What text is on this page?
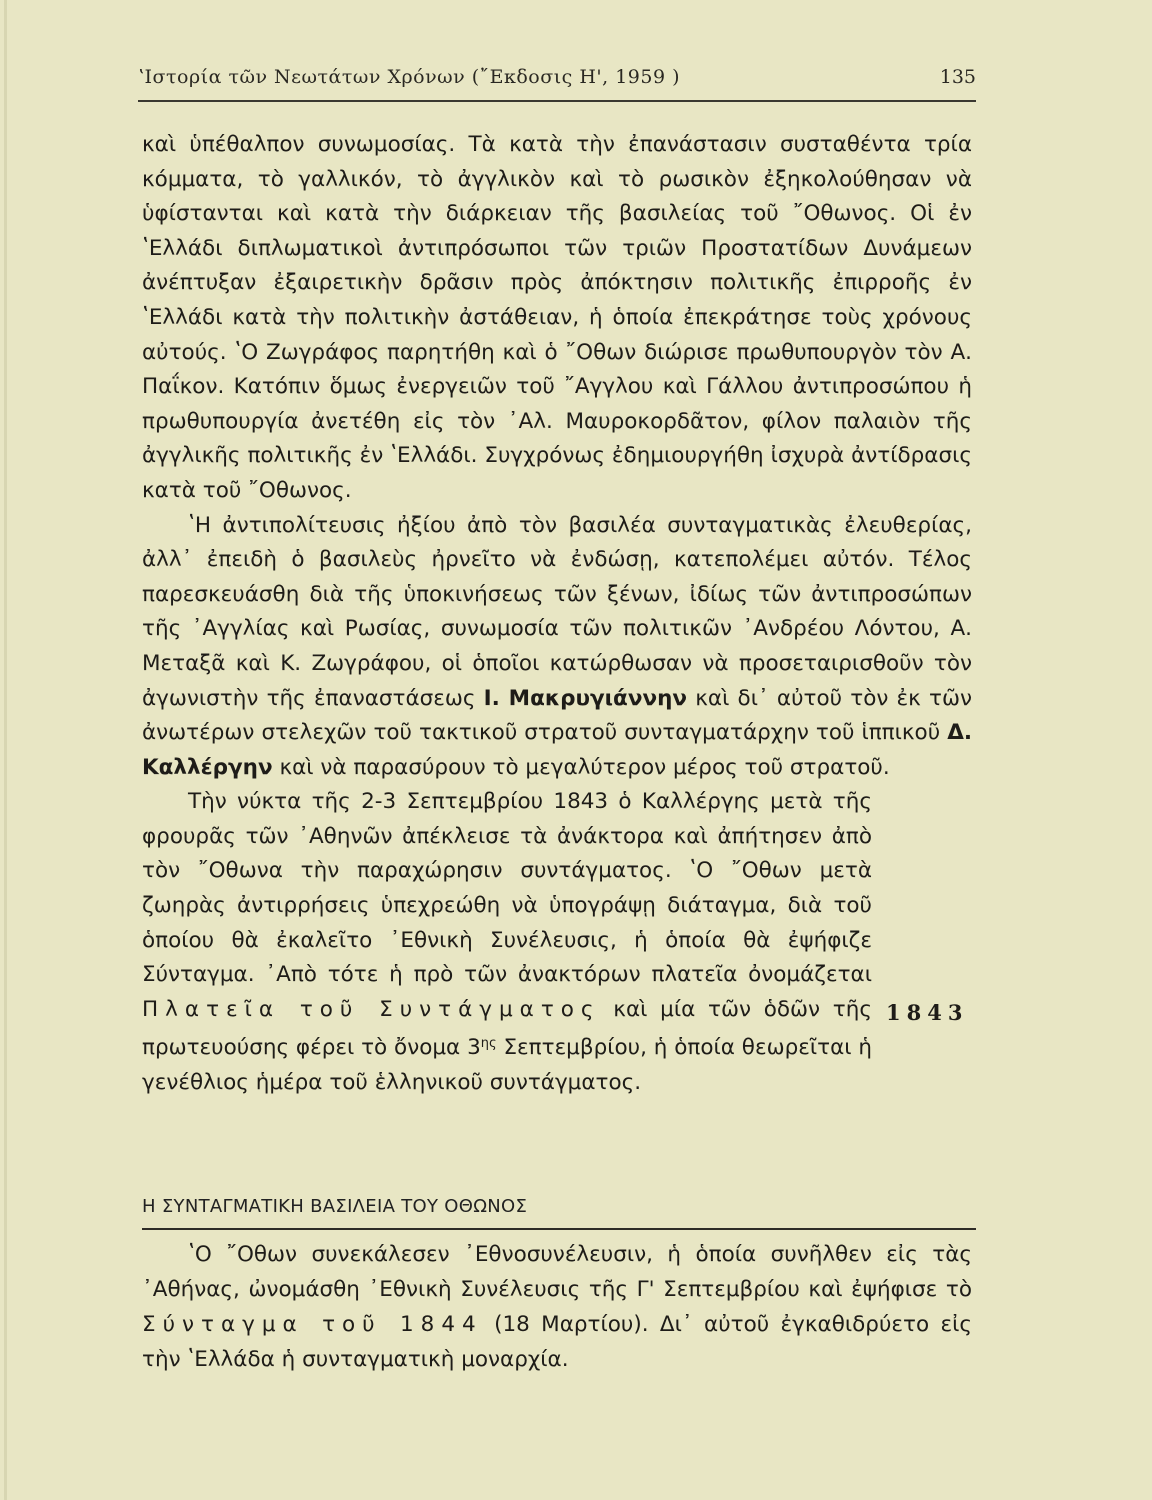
ʽΙστορία τῶν Νεωτάτων Χρόνων (῎Εκδοσις Η', 1959 )	135

καὶ ὑπέθαλπον συνωμοσίας. Τὰ κατὰ τὴν ἐπανάστασιν συσταθέντα τρία κόμματα, τὸ γαλλικόν, τὸ ἀγγλικὸν καὶ τὸ ρωσικὸν ἐξηκολούθησαν νὰ ὑφίστανται καὶ κατὰ τὴν διάρκειαν τῆς βασιλείας τοῦ ῎Οθωνος. Οἱ ἐν ʽΕλλάδι διπλωματικοὶ ἀντιπρόσωποι τῶν τριῶν Προστατίδων Δυνάμεων ἀνέπτυξαν ἐξαιρετικὴν δρᾶσιν πρὸς ἀπόκτησιν πολιτικῆς ἐπιρροῆς ἐν ʽΕλλάδι κατὰ τὴν πολιτικὴν ἀστάθειαν, ἡ ὁποία ἐπεκράτησε τοὺς χρόνους αὐτούς. ʽΟ Ζωγράφος παρητήθη καὶ ὁ ῎Οθων διώρισε πρωθυπουργὸν τὸν Α. Παΐκον. Κατόπιν ὅμως ἐνεργειῶν τοῦ ῎Αγγλου καὶ Γάλλου ἀντιπροσώπου ἡ πρωθυπουργία ἀνετέθη εἰς τὸν ᾽Αλ. Μαυροκορδᾶτον, φίλον παλαιὸν τῆς ἀγγλικῆς πολιτικῆς ἐν ʽΕλλάδι. Συγχρόνως ἐδημιουργήθη ἰσχυρὰ ἀντίδρασις κατὰ τοῦ ῎Οθωνος.

ʽΗ ἀντιπολίτευσις ἠξίου ἀπὸ τὸν βασιλέα συνταγματικὰς ἐλευθερίας, ἀλλ᾽ ἐπειδὴ ὁ βασιλεὺς ἠρνεῖτο νὰ ἐνδώσῃ, κατεπολέμει αὐτόν. Τέλος παρεσκευάσθη διὰ τῆς ὑποκινήσεως τῶν ξένων, ἰδίως τῶν ἀντιπροσώπων τῆς ᾽Αγγλίας καὶ Ρωσίας, συνωμοσία τῶν πολιτικῶν ᾽Ανδρέου Λόντου, Α. Μεταξᾶ καὶ Κ. Ζωγράφου, οἱ ὁποῖοι κατώρθωσαν νὰ προσεταιρισθοῦν τὸν ἀγωνιστὴν τῆς ἐπαναστάσεως Ι. Μακρυγιάννην καὶ δι᾽ αὐτοῦ τὸν ἐκ τῶν ἀνωτέρων στελεχῶν τοῦ τακτικοῦ στρατοῦ συνταγματάρχην τοῦ ἱππικοῦ Δ. Καλλέργην καὶ νὰ παρασύρουν τὸ μεγαλύτερον μέρος τοῦ στρατοῦ.

Τὴν νύκτα τῆς 2-3 Σεπτεμβρίου 1843 ὁ Καλλέργης μετὰ τῆς φρουρᾶς τῶν ᾽Αθηνῶν ἀπέκλεισε τὰ ἀνάκτορα καὶ ἀπήτησεν ἀπὸ τὸν ῎Οθωνα τὴν παραχώρησιν συντάγματος. ʽΟ ῎Οθων μετὰ ζωηρὰς ἀντιρρήσεις ὑπεχρεώθη νὰ ὑπογράψῃ διάταγμα, διὰ τοῦ ὁποίου θὰ ἐκαλεῖτο ᾽Εθνικὴ Συνέλευσις, ἡ ὁποία θὰ ἐψήφιζε Σύνταγμα. ᾽Απὸ τότε ἡ πρὸ τῶν ἀνακτόρων πλατεῖα ὀνομάζεται Πλατεῖα τοῦ Συντάγματος καὶ μία τῶν ὁδῶν τῆς πρωτευούσης φέρει τὸ ὄνομα $3^{\eta\varsigma}$ Σεπτεμβρίου, ἡ ὁποία θεωρεῖται ἡ γενέθλιος ἡμέρα τοῦ ἑλληνικοῦ συντάγματος.

1843
Η ΣΥΝΤΑΓΜΑΤΙΚΗ ΒΑΣΙΛΕΙΑ ΤΟΥ ΟΘΩΝΟΣ

ʽΟ ῎Οθων συνεκάλεσεν ᾽Εθνοσυνέλευσιν, ἡ ὁποία συνῆλθεν εἰς τὰς ᾽Αθήνας, ὠνομάσθη ᾽Εθνικὴ Συνέλευσις τῆς Γ' Σεπτεμβρίου καὶ ἐψήφισε τὸ Σύνταγμα τοῦ 1844 (18 Μαρτίου). Δι᾽ αὐτοῦ ἐγκαθιδρύετο εἰς τὴν ʽΕλλάδα ἡ συνταγματικὴ μοναρχία.
